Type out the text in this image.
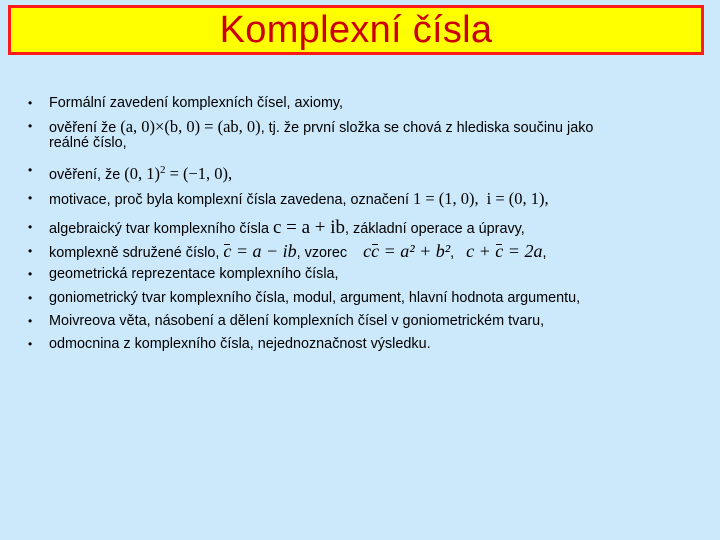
Komplexní čísla
• Formální zavedení komplexních čísel, axiomy,
• ověření že (a, 0)×(b, 0) = (ab, 0), tj. že první složka se chová z hlediska součinu jako
reálné číslo,
• ověření, že (0, 1)$^2$ = (−1, 0),
• motivace, proč byla komplexní čísla zavedena, označení 1 = (1, 0), i = (0, 1),
• algebraický tvar komplexního čísla c = a + ib, základní operace a úpravy,
• komplexně sdružené číslo, c = a − ib, vzorec    cc = a² + b², c + c = 2a,
• geometrická reprezentace komplexního čísla,
• goniometrický tvar komplexního čísla, modul, argument, hlavní hodnota argumentu,
• Moivreova věta, násobení a dělení komplexních čísel v goniometrickém tvaru,
• odmocnina z komplexního čísla, nejednoznačnost výsledku.
